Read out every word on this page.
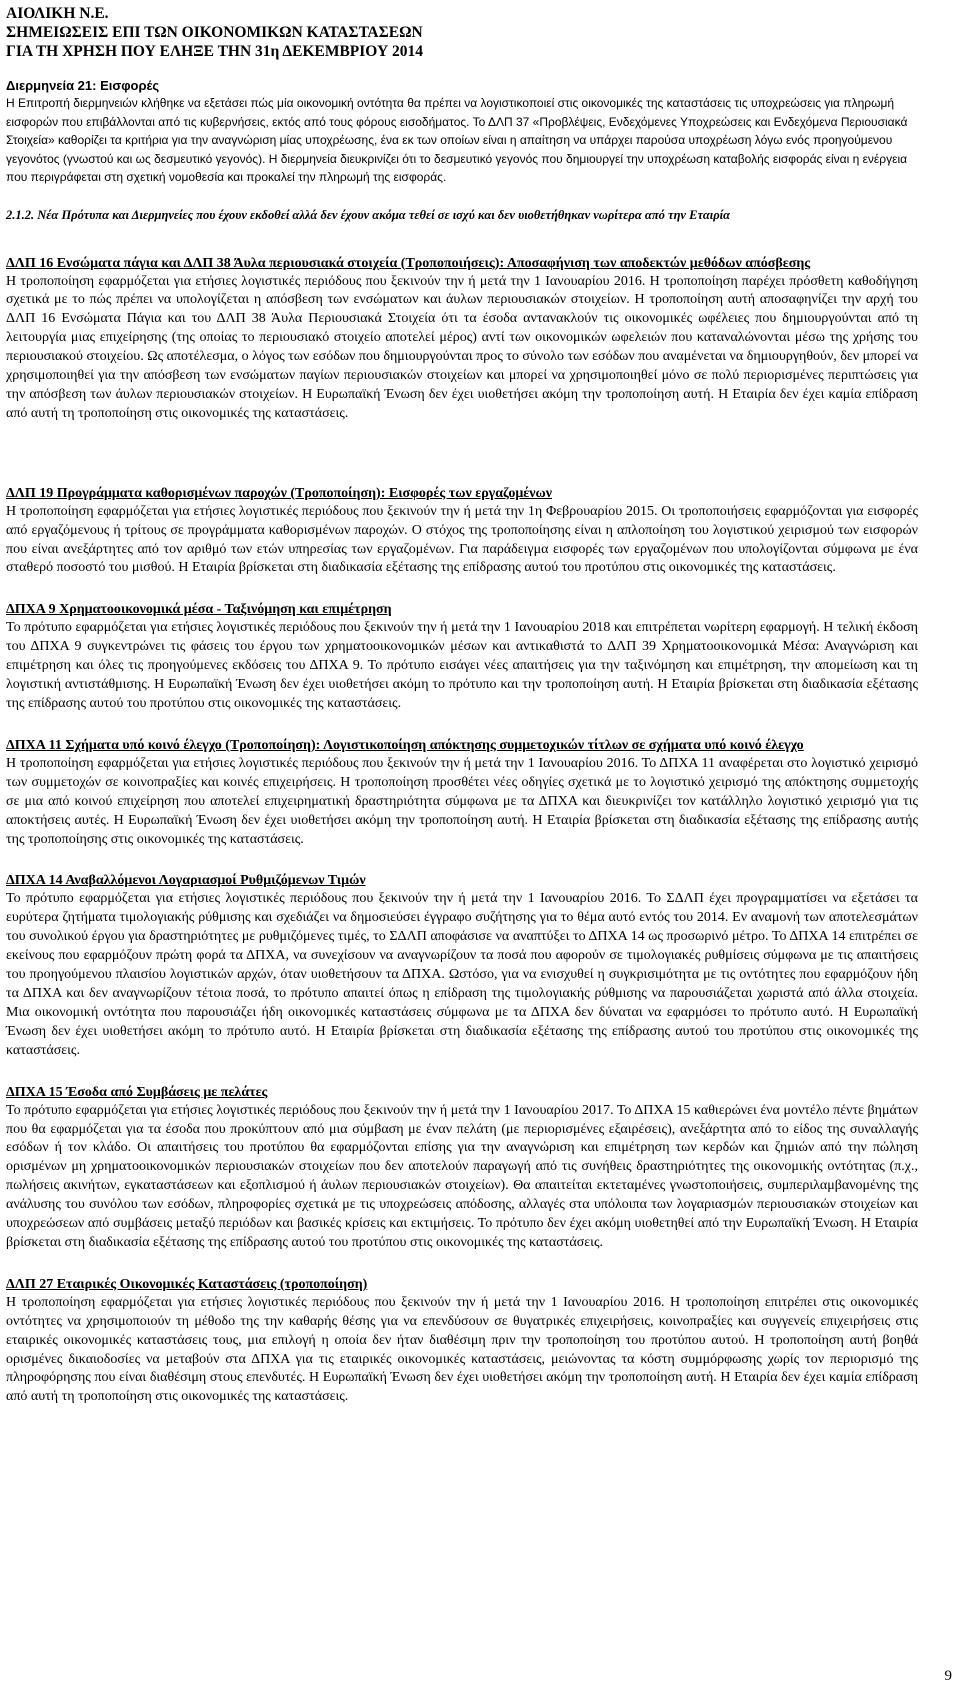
ΑΙΟΛΙΚΗ Ν.Ε.
ΣΗΜΕΙΩΣΕΙΣ ΕΠΙ ΤΩΝ ΟΙΚΟΝΟΜΙΚΩΝ ΚΑΤΑΣΤΑΣΕΩΝ
ΓΙΑ ΤΗ ΧΡΗΣΗ ΠΟΥ ΕΛΗΞΕ ΤΗΝ 31η ΔΕΚΕΜΒΡΙΟΥ 2014

Διερμηνεία 21: Εισφορές

Η Επιτροπή διερμηνειών κλήθηκε να εξετάσει πώς μία οικονομική οντότητα θα πρέπει να λογιστικοποιεί στις οικονομικές της καταστάσεις τις υποχρεώσεις για πληρωμή εισφορών που επιβάλλονται από τις κυβερνήσεις, εκτός από τους φόρους εισοδήματος. Το ΔΛΠ 37 «Προβλέψεις, Ενδεχόμενες Υποχρεώσεις και Ενδεχόμενα Περιουσιακά Στοιχεία» καθορίζει τα κριτήρια για την αναγνώριση μίας υποχρέωσης, ένα εκ των οποίων είναι η απαίτηση να υπάρχει παρούσα υποχρέωση λόγω ενός προηγούμενου γεγονότος (γνωστού και ως δεσμευτικό γεγονός). Η διερμηνεία διευκρινίζει ότι το δεσμευτικό γεγονός που δημιουργεί την υποχρέωση καταβολής εισφοράς είναι η ενέργεια που περιγράφεται στη σχετική νομοθεσία και προκαλεί την πληρωμή της εισφοράς.

2.1.2. Νέα Πρότυπα και Διερμηνείες που έχουν εκδοθεί αλλά δεν έχουν ακόμα τεθεί σε ισχύ και δεν υιοθετήθηκαν νωρίτερα από την Εταιρία

ΔΛΠ 16 Ενσώματα πάγια και ΔΛΠ 38 Άυλα περιουσιακά στοιχεία (Τροποποιήσεις): Αποσαφήνιση των αποδεκτών μεθόδων απόσβεσης

Η τροποποίηση εφαρμόζεται για ετήσιες λογιστικές περιόδους που ξεκινούν την ή μετά την 1 Ιανουαρίου 2016. Η τροποποίηση παρέχει πρόσθετη καθοδήγηση σχετικά με το πώς πρέπει να υπολογίζεται η απόσβεση των ενσώματων και άυλων περιουσιακών στοιχείων. Η τροποποίηση αυτή αποσαφηνίζει την αρχή του ΔΛΠ 16 Ενσώματα Πάγια και του ΔΛΠ 38 Άυλα Περιουσιακά Στοιχεία ότι τα έσοδα αντανακλούν τις οικονομικές ωφέλειες που δημιουργούνται από τη λειτουργία μιας επιχείρησης (της οποίας το περιουσιακό στοιχείο αποτελεί μέρος) αντί των οικονομικών ωφελειών που καταναλώνονται μέσω της χρήσης του περιουσιακού στοιχείου. Ως αποτέλεσμα, ο λόγος των εσόδων που δημιουργούνται προς το σύνολο των εσόδων που αναμένεται να δημιουργηθούν, δεν μπορεί να χρησιμοποιηθεί για την απόσβεση των ενσώματων παγίων περιουσιακών στοιχείων και μπορεί να χρησιμοποιηθεί μόνο σε πολύ περιορισμένες περιπτώσεις για την απόσβεση των άυλων περιουσιακών στοιχείων. Η Ευρωπαϊκή Ένωση δεν έχει υιοθετήσει ακόμη την τροποποίηση αυτή. Η Εταιρία δεν έχει καμία επίδραση από αυτή τη τροποποίηση στις οικονομικές της καταστάσεις.

ΔΛΠ 19 Προγράμματα καθορισμένων παροχών (Τροποποίηση): Εισφορές των εργαζομένων

Η τροποποίηση εφαρμόζεται για ετήσιες λογιστικές περιόδους που ξεκινούν την ή μετά την 1η Φεβρουαρίου 2015. Οι τροποποιήσεις εφαρμόζονται για εισφορές από εργαζόμενους ή τρίτους σε προγράμματα καθορισμένων παροχών. Ο στόχος της τροποποίησης είναι η απλοποίηση του λογιστικού χειρισμού των εισφορών που είναι ανεξάρτητες από τον αριθμό των ετών υπηρεσίας των εργαζομένων. Για παράδειγμα εισφορές των εργαζομένων που υπολογίζονται σύμφωνα με ένα σταθερό ποσοστό του μισθού. Η Εταιρία βρίσκεται στη διαδικασία εξέτασης της επίδρασης αυτού του προτύπου στις οικονομικές της καταστάσεις.

ΔΠΧΑ 9 Χρηματοοικονομικά μέσα - Ταξινόμηση και επιμέτρηση

Το πρότυπο εφαρμόζεται για ετήσιες λογιστικές περιόδους που ξεκινούν την ή μετά την 1 Ιανουαρίου 2018 και επιτρέπεται νωρίτερη εφαρμογή. Η τελική έκδοση του ΔΠΧΑ 9 συγκεντρώνει τις φάσεις του έργου των χρηματοοικονομικών μέσων και αντικαθιστά το ΔΛΠ 39 Χρηματοοικονομικά Μέσα: Αναγνώριση και επιμέτρηση και όλες τις προηγούμενες εκδόσεις του ΔΠΧΑ 9. Το πρότυπο εισάγει νέες απαιτήσεις για την ταξινόμηση και επιμέτρηση, την απομείωση και τη λογιστική αντιστάθμισης. Η Ευρωπαϊκή Ένωση δεν έχει υιοθετήσει ακόμη το πρότυπο και την τροποποίηση αυτή. Η Εταιρία βρίσκεται στη διαδικασία εξέτασης της επίδρασης αυτού του προτύπου στις οικονομικές της καταστάσεις.

ΔΠΧΑ 11 Σχήματα υπό κοινό έλεγχο (Τροποποίηση): Λογιστικοποίηση απόκτησης συμμετοχικών τίτλων σε σχήματα υπό κοινό έλεγχο

Η τροποποίηση εφαρμόζεται για ετήσιες λογιστικές περιόδους που ξεκινούν την ή μετά την 1 Ιανουαρίου 2016. Το ΔΠΧΑ 11 αναφέρεται στο λογιστικό χειρισμό των συμμετοχών σε κοινοπραξίες και κοινές επιχειρήσεις. Η τροποποίηση προσθέτει νέες οδηγίες σχετικά με το λογιστικό χειρισμό της απόκτησης συμμετοχής σε μια από κοινού επιχείρηση που αποτελεί επιχειρηματική δραστηριότητα σύμφωνα με τα ΔΠΧΑ και διευκρινίζει τον κατάλληλο λογιστικό χειρισμό για τις αποκτήσεις αυτές. Η Ευρωπαϊκή Ένωση δεν έχει υιοθετήσει ακόμη την τροποποίηση αυτή. Η Εταιρία βρίσκεται στη διαδικασία εξέτασης της επίδρασης αυτής της τροποποίησης στις οικονομικές της καταστάσεις.

ΔΠΧΑ 14 Αναβαλλόμενοι Λογαριασμοί Ρυθμιζόμενων Τιμών

Το πρότυπο εφαρμόζεται για ετήσιες λογιστικές περιόδους που ξεκινούν την ή μετά την 1 Ιανουαρίου 2016. Το ΣΔΛΠ έχει προγραμματίσει να εξετάσει τα ευρύτερα ζητήματα τιμολογιακής ρύθμισης και σχεδιάζει να δημοσιεύσει έγγραφο συζήτησης για το θέμα αυτό εντός του 2014. Εν αναμονή των αποτελεσμάτων του συνολικού έργου για δραστηριότητες με ρυθμιζόμενες τιμές, το ΣΔΛΠ αποφάσισε να αναπτύξει το ΔΠΧΑ 14 ως προσωρινό μέτρο. Το ΔΠΧΑ 14 επιτρέπει σε εκείνους που εφαρμόζουν πρώτη φορά τα ΔΠΧΑ, να συνεχίσουν να αναγνωρίζουν τα ποσά που αφορούν σε τιμολογιακές ρυθμίσεις σύμφωνα με τις απαιτήσεις του προηγούμενου πλαισίου λογιστικών αρχών, όταν υιοθετήσουν τα ΔΠΧΑ. Ωστόσο, για να ενισχυθεί η συγκρισιμότητα με τις οντότητες που εφαρμόζουν ήδη τα ΔΠΧΑ και δεν αναγνωρίζουν τέτοια ποσά, το πρότυπο απαιτεί όπως η επίδραση της τιμολογιακής ρύθμισης να παρουσιάζεται χωριστά από άλλα στοιχεία. Μια οικονομική οντότητα που παρουσιάζει ήδη οικονομικές καταστάσεις σύμφωνα με τα ΔΠΧΑ δεν δύναται να εφαρμόσει το πρότυπο αυτό. Η Ευρωπαϊκή Ένωση δεν έχει υιοθετήσει ακόμη το πρότυπο αυτό. Η Εταιρία βρίσκεται στη διαδικασία εξέτασης της επίδρασης αυτού του προτύπου στις οικονομικές της καταστάσεις.

ΔΠΧΑ 15 Έσοδα από Συμβάσεις με πελάτες

Το πρότυπο εφαρμόζεται για ετήσιες λογιστικές περιόδους που ξεκινούν την ή μετά την 1 Ιανουαρίου 2017. Το ΔΠΧΑ 15 καθιερώνει ένα μοντέλο πέντε βημάτων που θα εφαρμόζεται για τα έσοδα που προκύπτουν από μια σύμβαση με έναν πελάτη (με περιορισμένες εξαιρέσεις), ανεξάρτητα από το είδος της συναλλαγής εσόδων ή τον κλάδο. Οι απαιτήσεις του προτύπου θα εφαρμόζονται επίσης για την αναγνώριση και επιμέτρηση των κερδών και ζημιών από την πώληση ορισμένων μη χρηματοοικονομικών περιουσιακών στοιχείων που δεν αποτελούν παραγωγή από τις συνήθεις δραστηριότητες της οικονομικής οντότητας (π.χ., πωλήσεις ακινήτων, εγκαταστάσεων και εξοπλισμού ή άυλων περιουσιακών στοιχείων). Θα απαιτείται εκτεταμένες γνωστοποιήσεις, συμπεριλαμβανομένης της ανάλυσης του συνόλου των εσόδων, πληροφορίες σχετικά με τις υποχρεώσεις απόδοσης, αλλαγές στα υπόλοιπα των λογαριασμών περιουσιακών στοιχείων και υποχρεώσεων από συμβάσεις μεταξύ περιόδων και βασικές κρίσεις και εκτιμήσεις. Το πρότυπο δεν έχει ακόμη υιοθετηθεί από την Ευρωπαϊκή Ένωση. Η Εταιρία βρίσκεται στη διαδικασία εξέτασης της επίδρασης αυτού του προτύπου στις οικονομικές της καταστάσεις.

ΔΛΠ 27 Εταιρικές Οικονομικές Καταστάσεις (τροποποίηση)

Η τροποποίηση εφαρμόζεται για ετήσιες λογιστικές περιόδους που ξεκινούν την ή μετά την 1 Ιανουαρίου 2016. Η τροποποίηση επιτρέπει στις οικονομικές οντότητες να χρησιμοποιούν τη μέθοδο της την καθαρής θέσης για να επενδύσουν σε θυγατρικές επιχειρήσεις, κοινοπραξίες και συγγενείς επιχειρήσεις στις εταιρικές οικονομικές καταστάσεις τους, μια επιλογή η οποία δεν ήταν διαθέσιμη πριν την τροποποίηση του προτύπου αυτού. Η τροποποίηση αυτή βοηθά ορισμένες δικαιοδοσίες να μεταβούν στα ΔΠΧΑ για τις εταιρικές οικονομικές καταστάσεις, μειώνοντας τα κόστη συμμόρφωσης χωρίς τον περιορισμό της πληροφόρησης που είναι διαθέσιμη στους επενδυτές. Η Ευρωπαϊκή Ένωση δεν έχει υιοθετήσει ακόμη την τροποποίηση αυτή. Η Εταιρία δεν έχει καμία επίδραση από αυτή τη τροποποίηση στις οικονομικές της καταστάσεις.

9
